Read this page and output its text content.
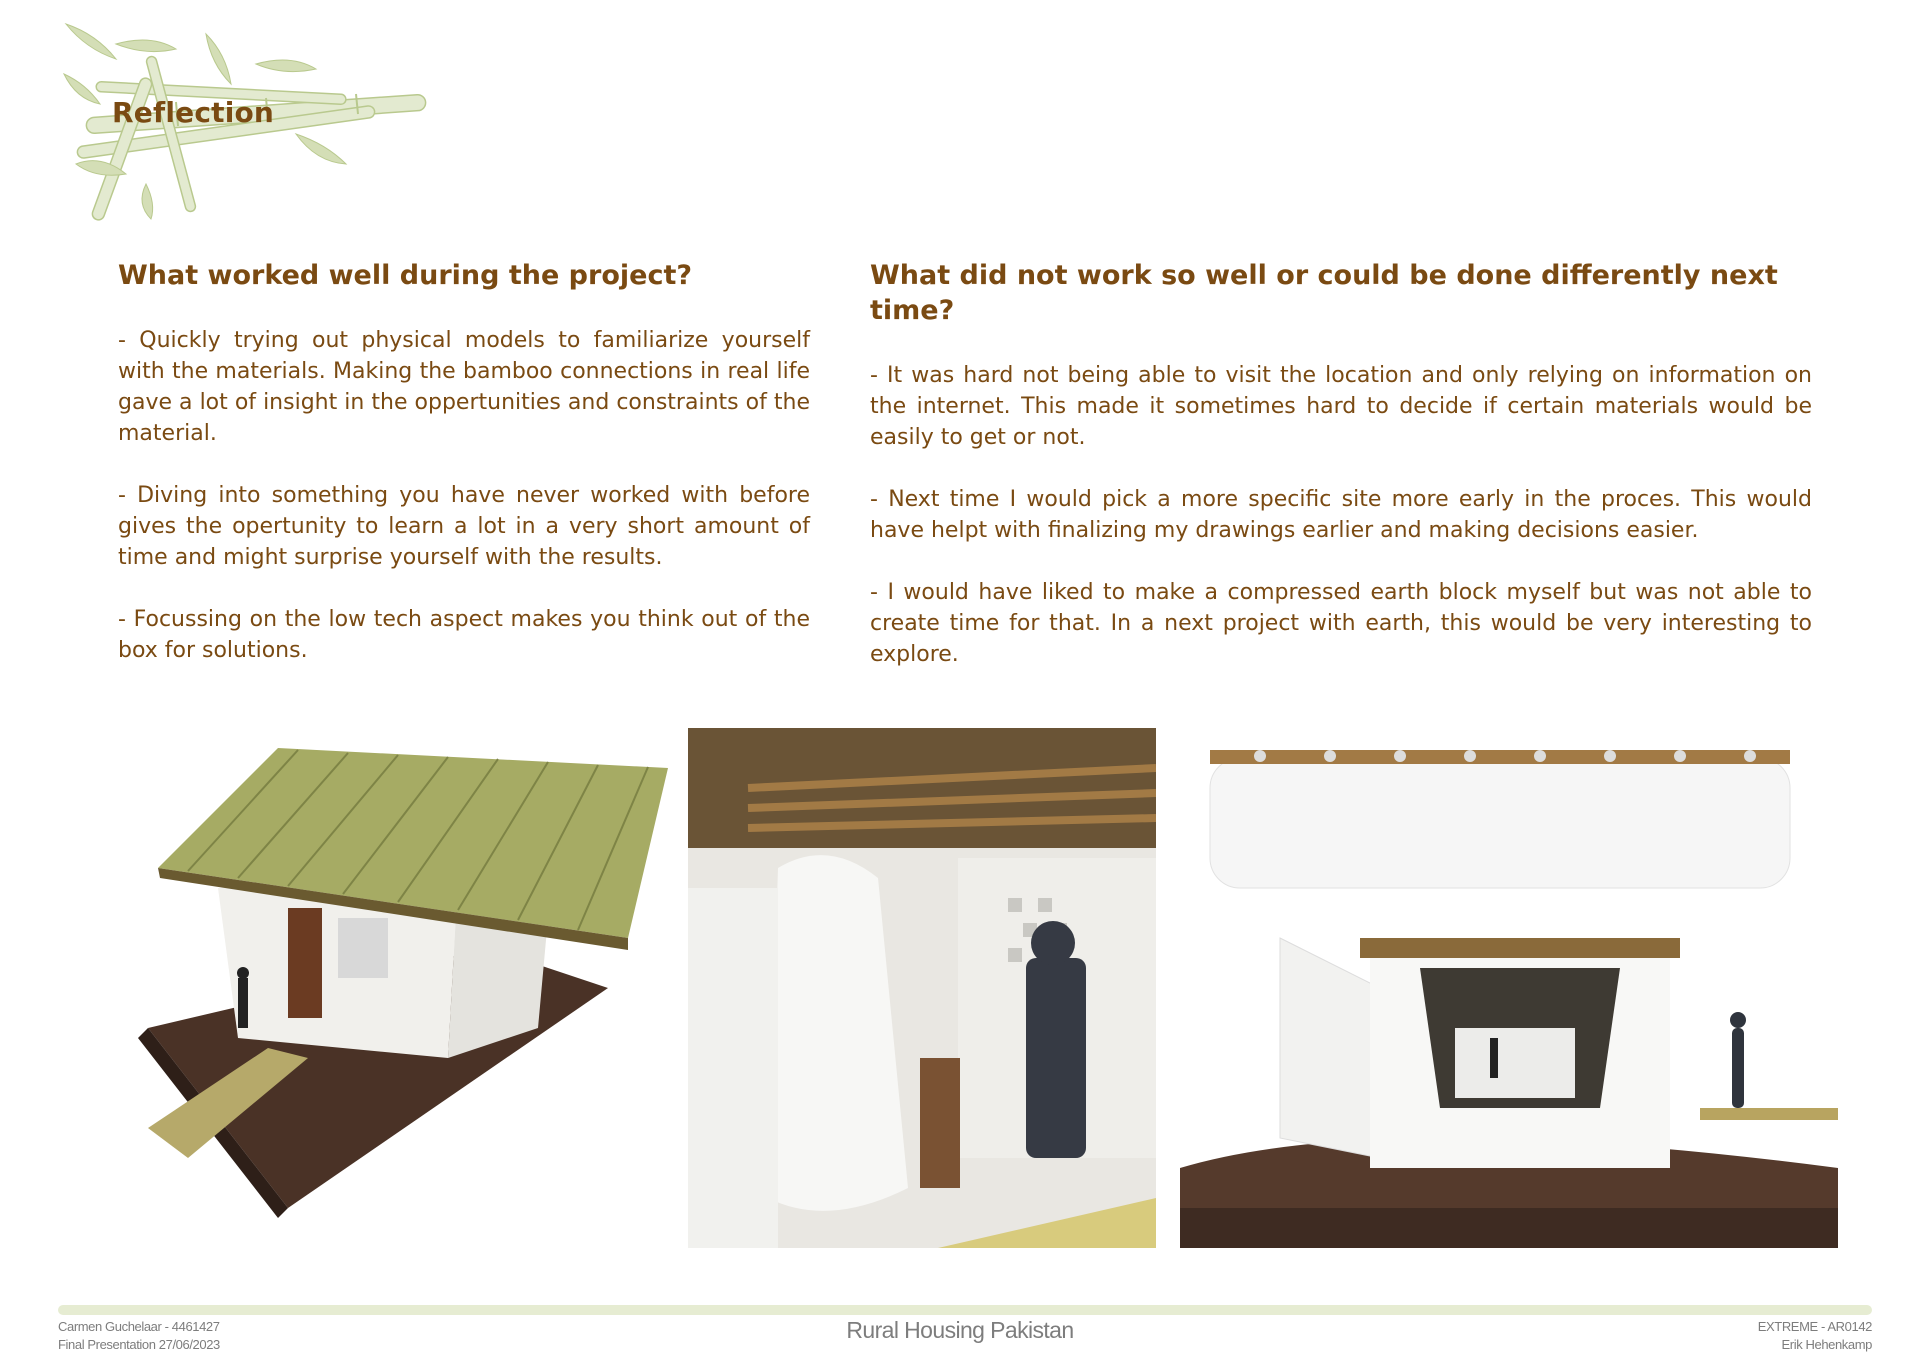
Reflection
What worked well during the project?

- Quickly trying out physical models to familiarize yourself with the materials. Making the bamboo connections in real life gave a lot of insight in the oppertunities and constraints of the material.

- Diving into something you have never worked with before gives the opertunity to learn a lot in a very short amount of time and might surprise yourself with the results.

- Focussing on the low tech aspect makes you think out of the box for solutions.

What did not work so well or could be done differently next time?

- It was hard not being able to visit the location and only relying on information on the internet. This made it sometimes hard to decide if certain materials would be easily to get or not.

- Next time I would pick a more specific site more early in the proces. This would have helpt with finalizing my drawings earlier and making decisions easier.

- I would have liked to make a compressed earth block myself but was not able to create time for that. In a next project with earth, this would be very interesting to explore.

Carmen Guchelaar - 4461427
Final Presentation 27/06/2023
Rural Housing Pakistan	EXTREME - AR0142
Erik Hehenkamp
